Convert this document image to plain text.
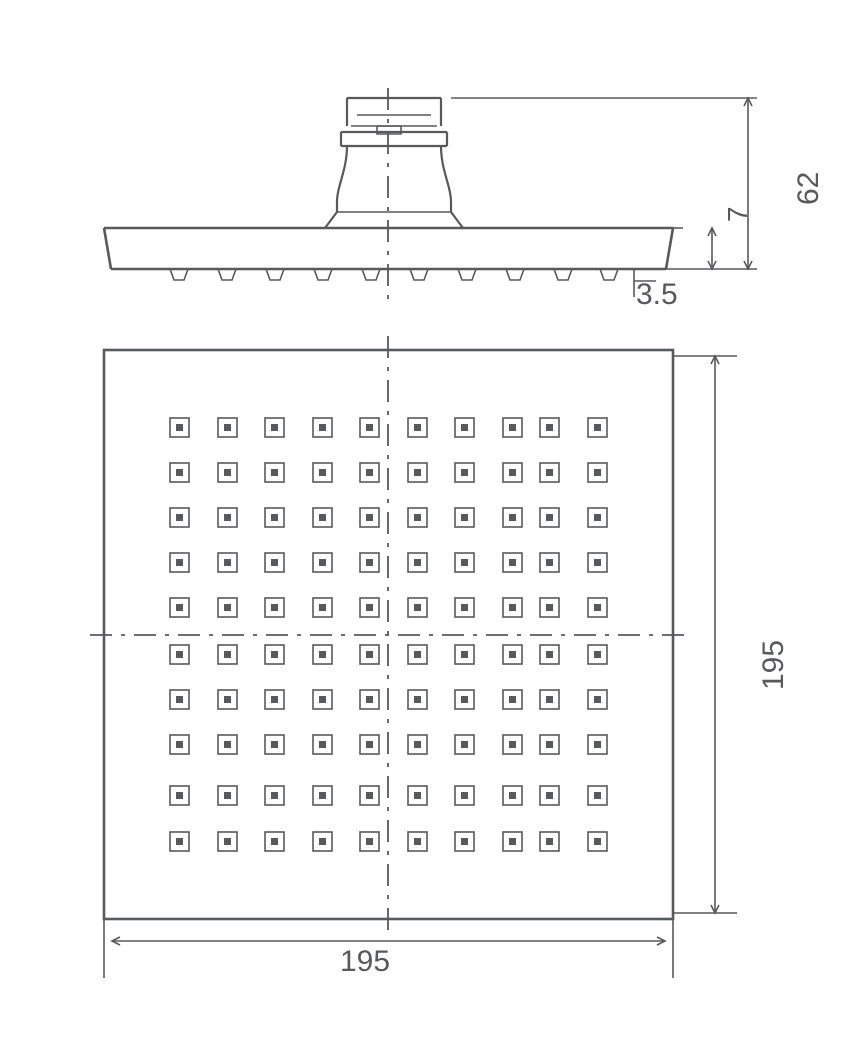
62
7
3.5
195
195
